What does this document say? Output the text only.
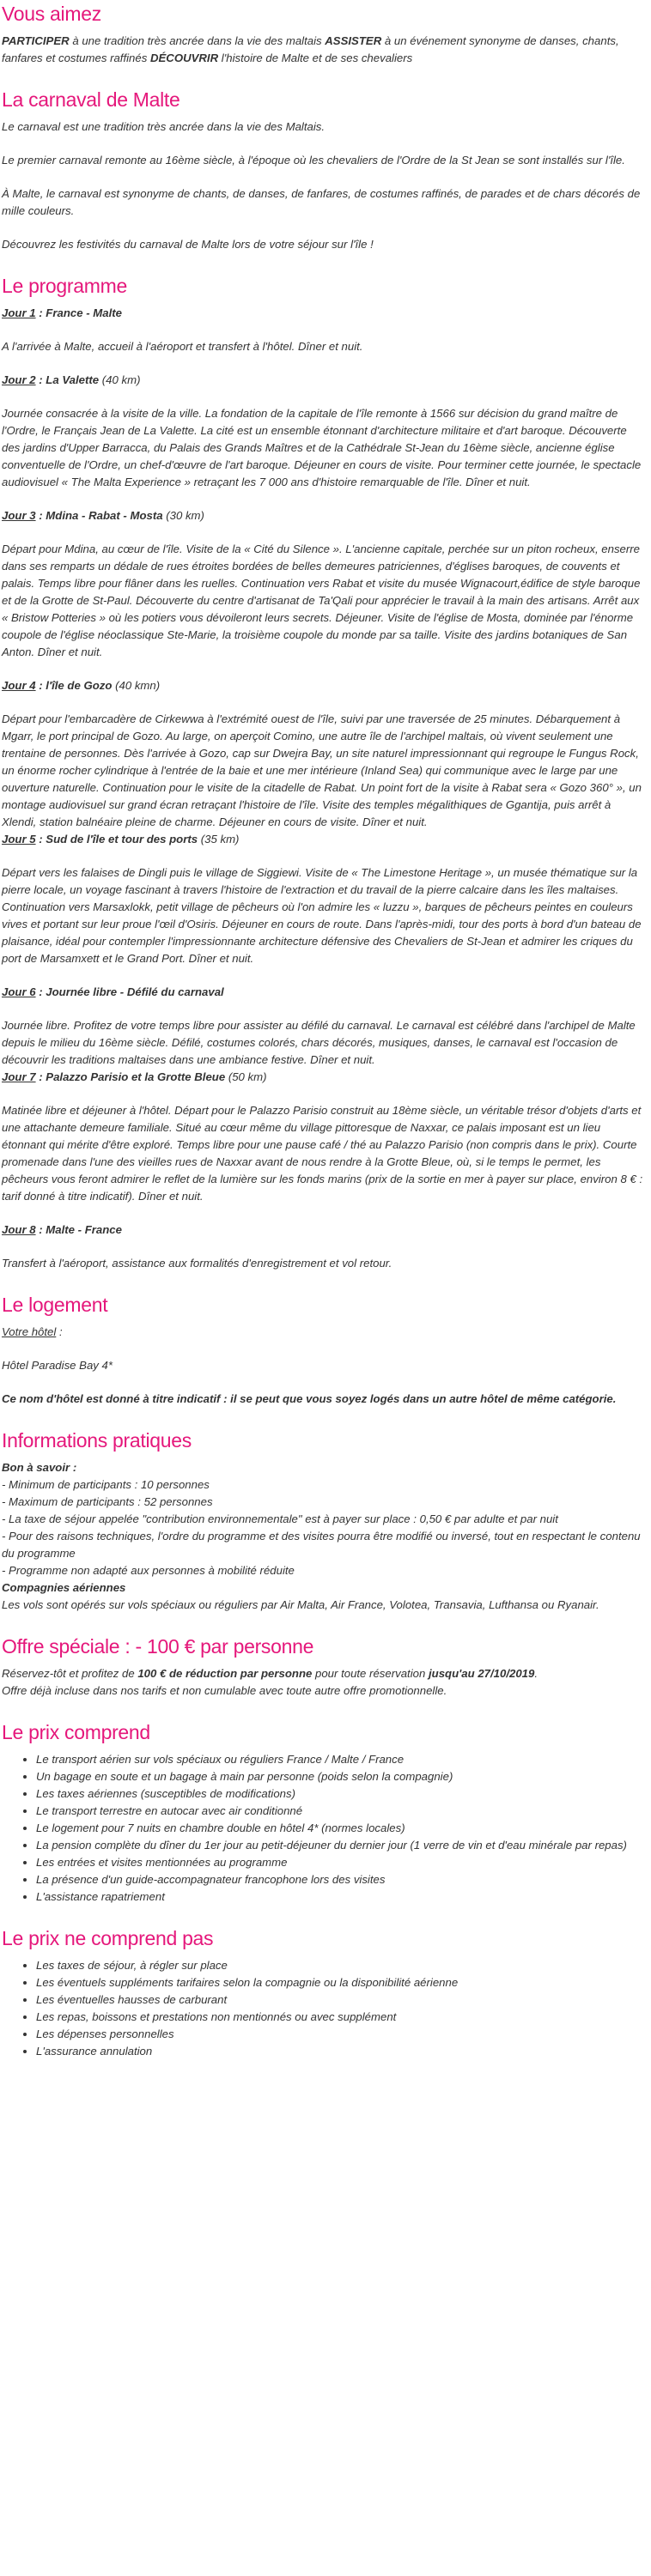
Vous aimez

PARTICIPER à une tradition très ancrée dans la vie des maltais ASSISTER à un événement synonyme de danses, chants, fanfares et costumes raffinés DÉCOUVRIR l'histoire de Malte et de ses chevaliers

La carnaval de Malte

Le carnaval est une tradition très ancrée dans la vie des Maltais.

Le premier carnaval remonte au 16ème siècle, à l'époque où les chevaliers de l'Ordre de la St Jean se sont installés sur l'île.

À Malte, le carnaval est synonyme de chants, de danses, de fanfares, de costumes raffinés, de parades et de chars décorés de mille couleurs.

Découvrez les festivités du carnaval de Malte lors de votre séjour sur l'île !

Le programme

Jour 1 : France - Malte

A l'arrivée à Malte, accueil à l'aéroport et transfert à l'hôtel. Dîner et nuit.

Jour 2 : La Valette (40 km)

Journée consacrée à la visite de la ville. La fondation de la capitale de l'île remonte à 1566 sur décision du grand maître de l'Ordre, le Français Jean de La Valette. La cité est un ensemble étonnant d'architecture militaire et d'art baroque. Découverte des jardins d'Upper Barracca, du Palais des Grands Maîtres et de la Cathédrale St-Jean du 16ème siècle, ancienne église conventuelle de l'Ordre, un chef-d'œuvre de l'art baroque. Déjeuner en cours de visite. Pour terminer cette journée, le spectacle audiovisuel « The Malta Experience » retraçant les 7 000 ans d'histoire remarquable de l'île. Dîner et nuit.

Jour 3 : Mdina - Rabat - Mosta (30 km)

Départ pour Mdina, au cœur de l'île. Visite de la « Cité du Silence ». L'ancienne capitale, perchée sur un piton rocheux, enserre dans ses remparts un dédale de rues étroites bordées de belles demeures patriciennes, d'églises baroques, de couvents et palais. Temps libre pour flâner dans les ruelles. Continuation vers Rabat et visite du musée Wignacourt,édifice de style baroque et de la Grotte de St-Paul. Découverte du centre d'artisanat de Ta'Qali pour apprécier le travail à la main des artisans. Arrêt aux « Bristow Potteries » où les potiers vous dévoileront leurs secrets. Déjeuner. Visite de l'église de Mosta, dominée par l'énorme coupole de l'église néoclassique Ste-Marie, la troisième coupole du monde par sa taille. Visite des jardins botaniques de San Anton. Dîner et nuit.

Jour 4 : l'île de Gozo (40 kmn)

Départ pour l'embarcadère de Cirkewwa à l'extrémité ouest de l'île, suivi par une traversée de 25 minutes. Débarquement à Mgarr, le port principal de Gozo. Au large, on aperçoit Comino, une autre île de l'archipel maltais, où vivent seulement une trentaine de personnes. Dès l'arrivée à Gozo, cap sur Dwejra Bay, un site naturel impressionnant qui regroupe le Fungus Rock, un énorme rocher cylindrique à l'entrée de la baie et une mer intérieure (Inland Sea) qui communique avec le large par une ouverture naturelle. Continuation pour le visite de la citadelle de Rabat. Un point fort de la visite à Rabat sera « Gozo 360° », un montage audiovisuel sur grand écran retraçant l'histoire de l'île. Visite des temples mégalithiques de Ggantija, puis arrêt à Xlendi, station balnéaire pleine de charme. Déjeuner en cours de visite. Dîner et nuit.

Jour 5 : Sud de l'île et tour des ports (35 km)

Départ vers les falaises de Dingli puis le village de Siggiewi. Visite de « The Limestone Heritage », un musée thématique sur la pierre locale, un voyage fascinant à travers l'histoire de l'extraction et du travail de la pierre calcaire dans les îles maltaises. Continuation vers Marsaxlokk, petit village de pêcheurs où l'on admire les « luzzu », barques de pêcheurs peintes en couleurs vives et portant sur leur proue l'œil d'Osiris. Déjeuner en cours de route. Dans l'après-midi, tour des ports à bord d'un bateau de plaisance, idéal pour contempler l'impressionnante architecture défensive des Chevaliers de St-Jean et admirer les criques du port de Marsamxett et le Grand Port. Dîner et nuit.

Jour 6 : Journée libre - Défilé du carnaval

Journée libre. Profitez de votre temps libre pour assister au défilé du carnaval. Le carnaval est célébré dans l'archipel de Malte depuis le milieu du 16ème siècle. Défilé, costumes colorés, chars décorés, musiques, danses, le carnaval est l'occasion de découvrir les traditions maltaises dans une ambiance festive. Dîner et nuit.

Jour 7 : Palazzo Parisio et la Grotte Bleue (50 km)

Matinée libre et déjeuner à l'hôtel. Départ pour le Palazzo Parisio construit au 18ème siècle, un véritable trésor d'objets d'arts et une attachante demeure familiale. Situé au cœur même du village pittoresque de Naxxar, ce palais imposant est un lieu étonnant qui mérite d'être exploré. Temps libre pour une pause café / thé au Palazzo Parisio (non compris dans le prix). Courte promenade dans l'une des vieilles rues de Naxxar avant de nous rendre à la Grotte Bleue, où, si le temps le permet, les pêcheurs vous feront admirer le reflet de la lumière sur les fonds marins (prix de la sortie en mer à payer sur place, environ 8 € : tarif donné à titre indicatif). Dîner et nuit.

Jour 8 : Malte - France

Transfert à l'aéroport, assistance aux formalités d'enregistrement et vol retour.

Le logement

Votre hôtel :

Hôtel Paradise Bay 4*

Ce nom d'hôtel est donné à titre indicatif : il se peut que vous soyez logés dans un autre hôtel de même catégorie.

Informations pratiques

Bon à savoir :

- Minimum de participants : 10 personnes

- Maximum de participants : 52 personnes

- La taxe de séjour appelée "contribution environnementale" est à payer sur place : 0,50 € par adulte et par nuit

- Pour des raisons techniques, l'ordre du programme et des visites pourra être modifié ou inversé, tout en respectant le contenu du programme

- Programme non adapté aux personnes à mobilité réduite

Compagnies aériennes

Les vols sont opérés sur vols spéciaux ou réguliers par Air Malta, Air France, Volotea, Transavia, Lufthansa ou Ryanair.

Offre spéciale : - 100 € par personne

Réservez-tôt et profitez de 100 € de réduction par personne pour toute réservation jusqu'au 27/10/2019.

Offre déjà incluse dans nos tarifs et non cumulable avec toute autre offre promotionnelle.

Le prix comprend
• Le transport aérien sur vols spéciaux ou réguliers France / Malte / France
• Un bagage en soute et un bagage à main par personne (poids selon la compagnie)
• Les taxes aériennes (susceptibles de modifications)
• Le transport terrestre en autocar avec air conditionné
• Le logement pour 7 nuits en chambre double en hôtel 4* (normes locales)
• La pension complète du dîner du 1er jour au petit-déjeuner du dernier jour (1 verre de vin et d'eau minérale par repas)
• Les entrées et visites mentionnées au programme
• La présence d'un guide-accompagnateur francophone lors des visites
• L'assistance rapatriement
Le prix ne comprend pas
• Les taxes de séjour, à régler sur place
• Les éventuels suppléments tarifaires selon la compagnie ou la disponibilité aérienne
• Les éventuelles hausses de carburant
• Les repas, boissons et prestations non mentionnés ou avec supplément
• Les dépenses personnelles
• L'assurance annulation
